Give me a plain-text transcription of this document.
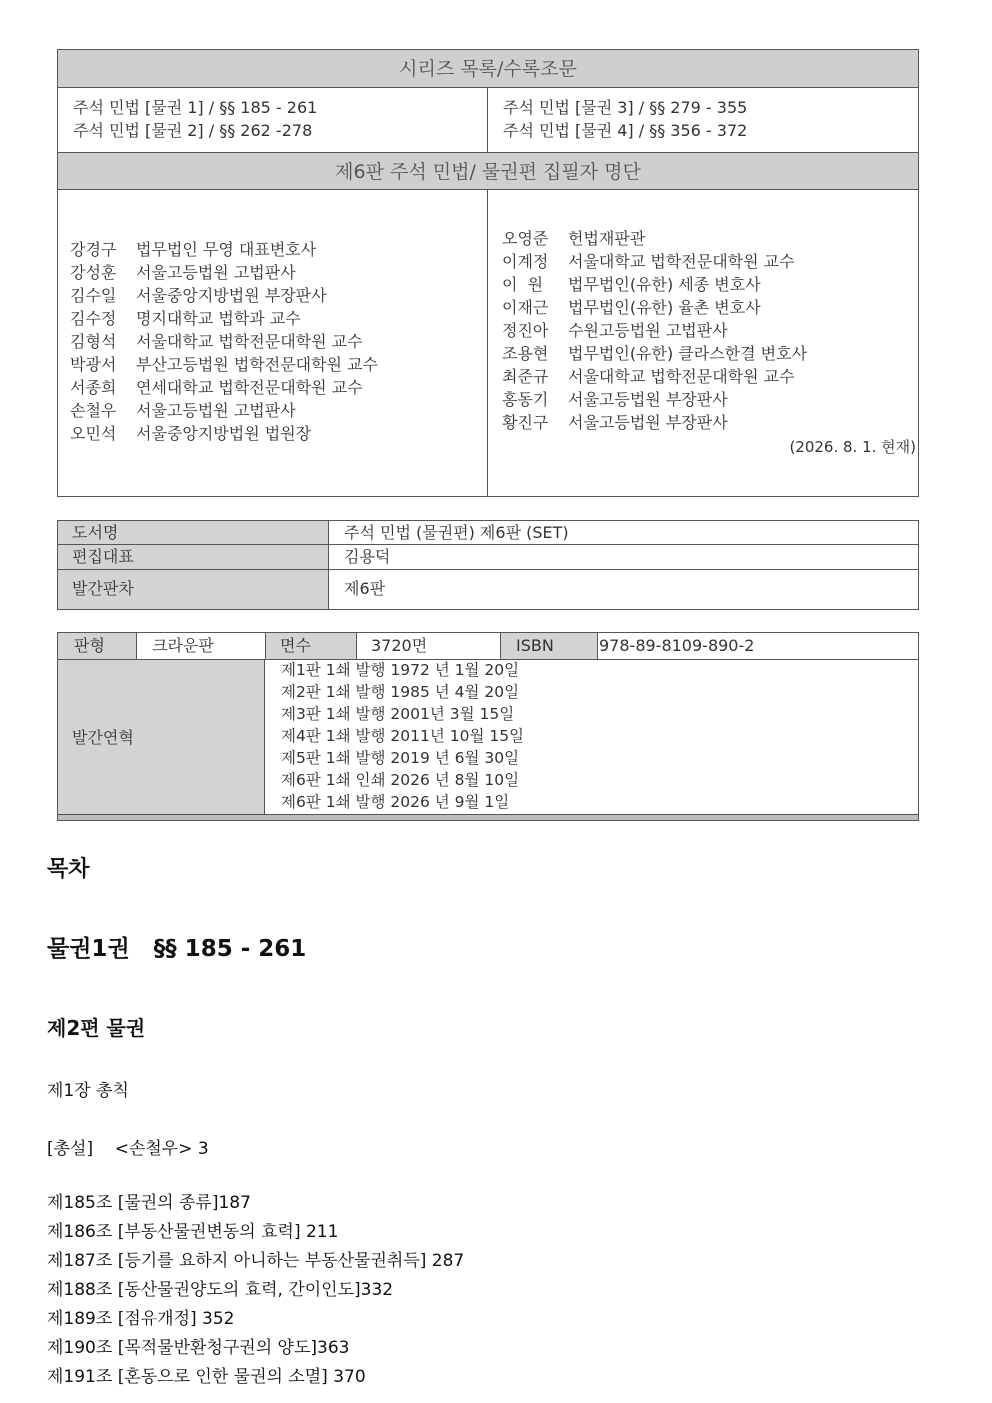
시리즈 목록/수록조문
주석 민법 [물권 1] / §§ 185 - 261
주석 민법 [물권 2] / §§ 262 -278
주석 민법 [물권 3] / §§ 279 - 355
주석 민법 [물권 4] / §§ 356 - 372
제6판 주석 민법/ 물권편 집필자 명단
강경구 법무법인 무영 대표변호사
강성훈 서울고등법원 고법판사
김수일 서울중앙지방법원 부장판사
김수정 명지대학교 법학과 교수
김형석 서울대학교 법학전문대학원 교수
박광서 부산고등법원 법학전문대학원 교수
서종희 연세대학교 법학전문대학원 교수
손철우 서울고등법원 고법판사
오민석 서울중앙지방법원 법원장
오영준 헌법재판관
이계정 서울대학교 법학전문대학원 교수
이  원 법무법인(유한) 세종 변호사
이재근 법무법인(유한) 율촌 변호사
정진아 수원고등법원 고법판사
조용현 법무법인(유한) 클라스한결 변호사
최준규 서울대학교 법학전문대학원 교수
홍동기 서울고등법원 부장판사
황진구 서울고등법원 부장판사
(2026. 8. 1. 현재)
도서명	주석 민법 (물권편) 제6판 (SET)
편집대표	김용덕
발간판차	제6판
판형	크라운판	면수	3720면	ISBN	978-89-8109-890-2
발간연혁
제1판 1쇄 발행 1972 년 1월 20일
제2판 1쇄 발행 1985 년 4월 20일
제3판 1쇄 발행 2001년 3월 15일
제4판 1쇄 발행 2011년 10월 15일
제5판 1쇄 발행 2019 년 6월 30일
제6판 1쇄 인쇄 2026 년 8월 10일
제6판 1쇄 발행 2026 년 9월 1일
목차
물권1권   §§ 185 - 261
제2편 물권
제1장 총칙
[총설]    <손철우> 3
제185조 [물권의 종류]187
제186조 [부동산물권변동의 효력] 211
제187조 [등기를 요하지 아니하는 부동산물권취득] 287
제188조 [동산물권양도의 효력, 간이인도]332
제189조 [점유개정] 352
제190조 [목적물반환청구권의 양도]363
제191조 [혼동으로 인한 물권의 소멸] 370
